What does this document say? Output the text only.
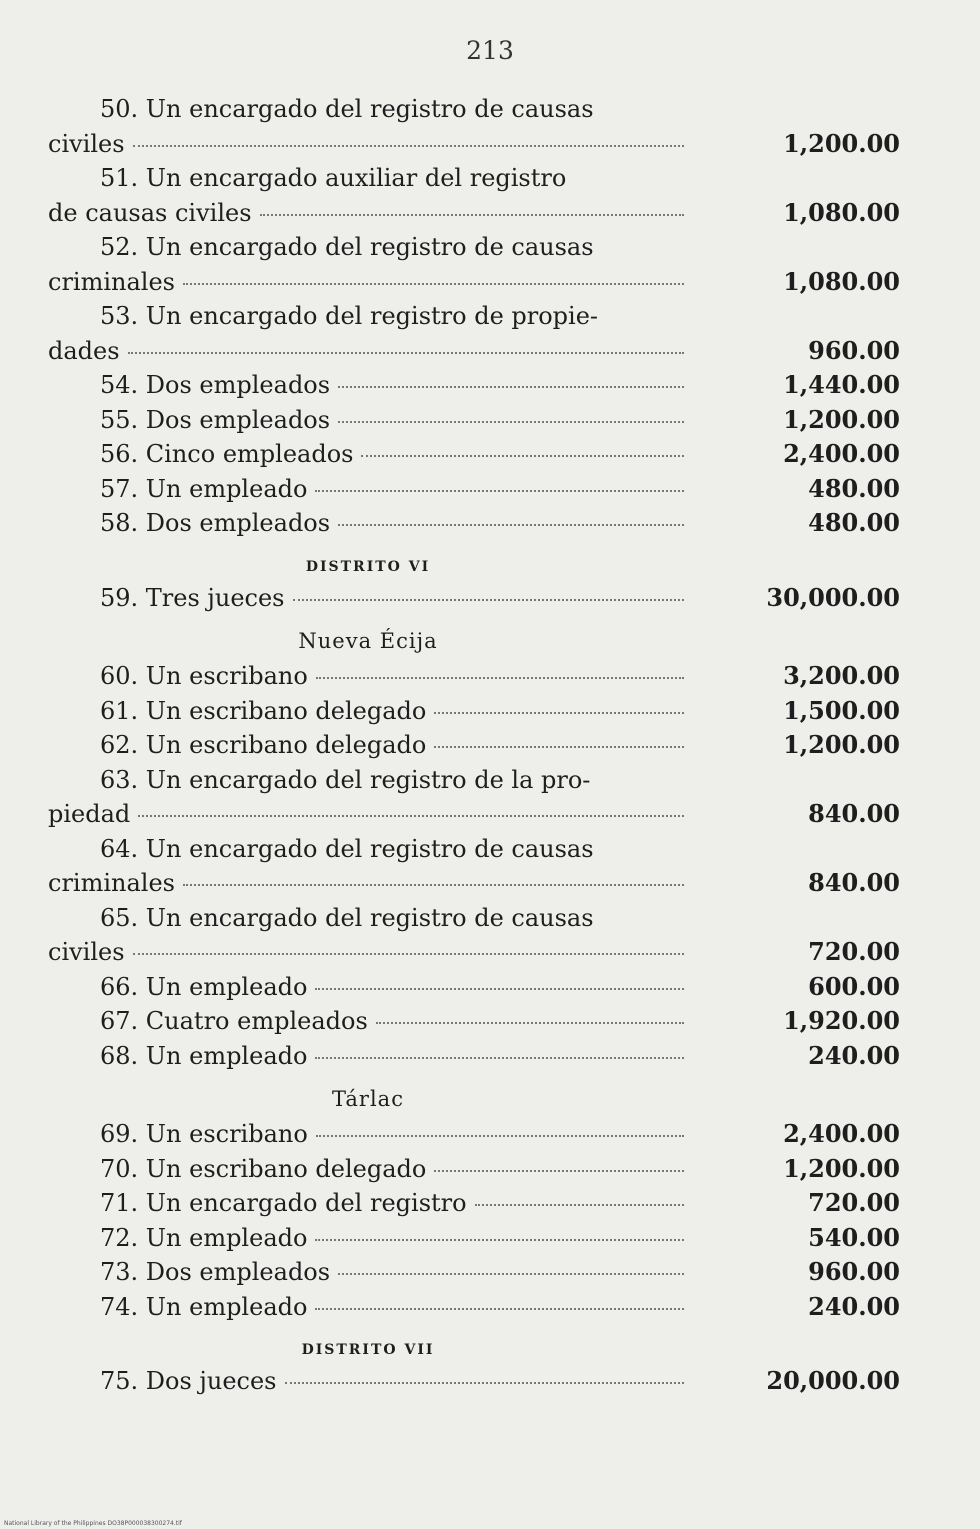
213
50. Un encargado del registro de causas
civiles	1,200.00
51. Un encargado auxiliar del registro
de causas civiles	1,080.00
52. Un encargado del registro de causas
criminales	1,080.00
53. Un encargado del registro de propie-
dades	960.00
54. Dos empleados	1,440.00
55. Dos empleados	1,200.00
56. Cinco empleados	2,400.00
57. Un empleado	480.00
58. Dos empleados	480.00
DISTRITO VI
59. Tres jueces	30,000.00
Nueva Écija
60. Un escribano	3,200.00
61. Un escribano delegado	1,500.00
62. Un escribano delegado	1,200.00
63. Un encargado del registro de la pro-
piedad	840.00
64. Un encargado del registro de causas
criminales	840.00
65. Un encargado del registro de causas
civiles	720.00
66. Un empleado	600.00
67. Cuatro empleados	1,920.00
68. Un empleado	240.00
Tárlac
69. Un escribano	2,400.00
70. Un escribano delegado	1,200.00
71. Un encargado del registro	720.00
72. Un empleado	540.00
73. Dos empleados	960.00
74. Un empleado	240.00
DISTRITO VII
75. Dos jueces	20,000.00
National Library of the Philippines DO38P000038300274.tif
